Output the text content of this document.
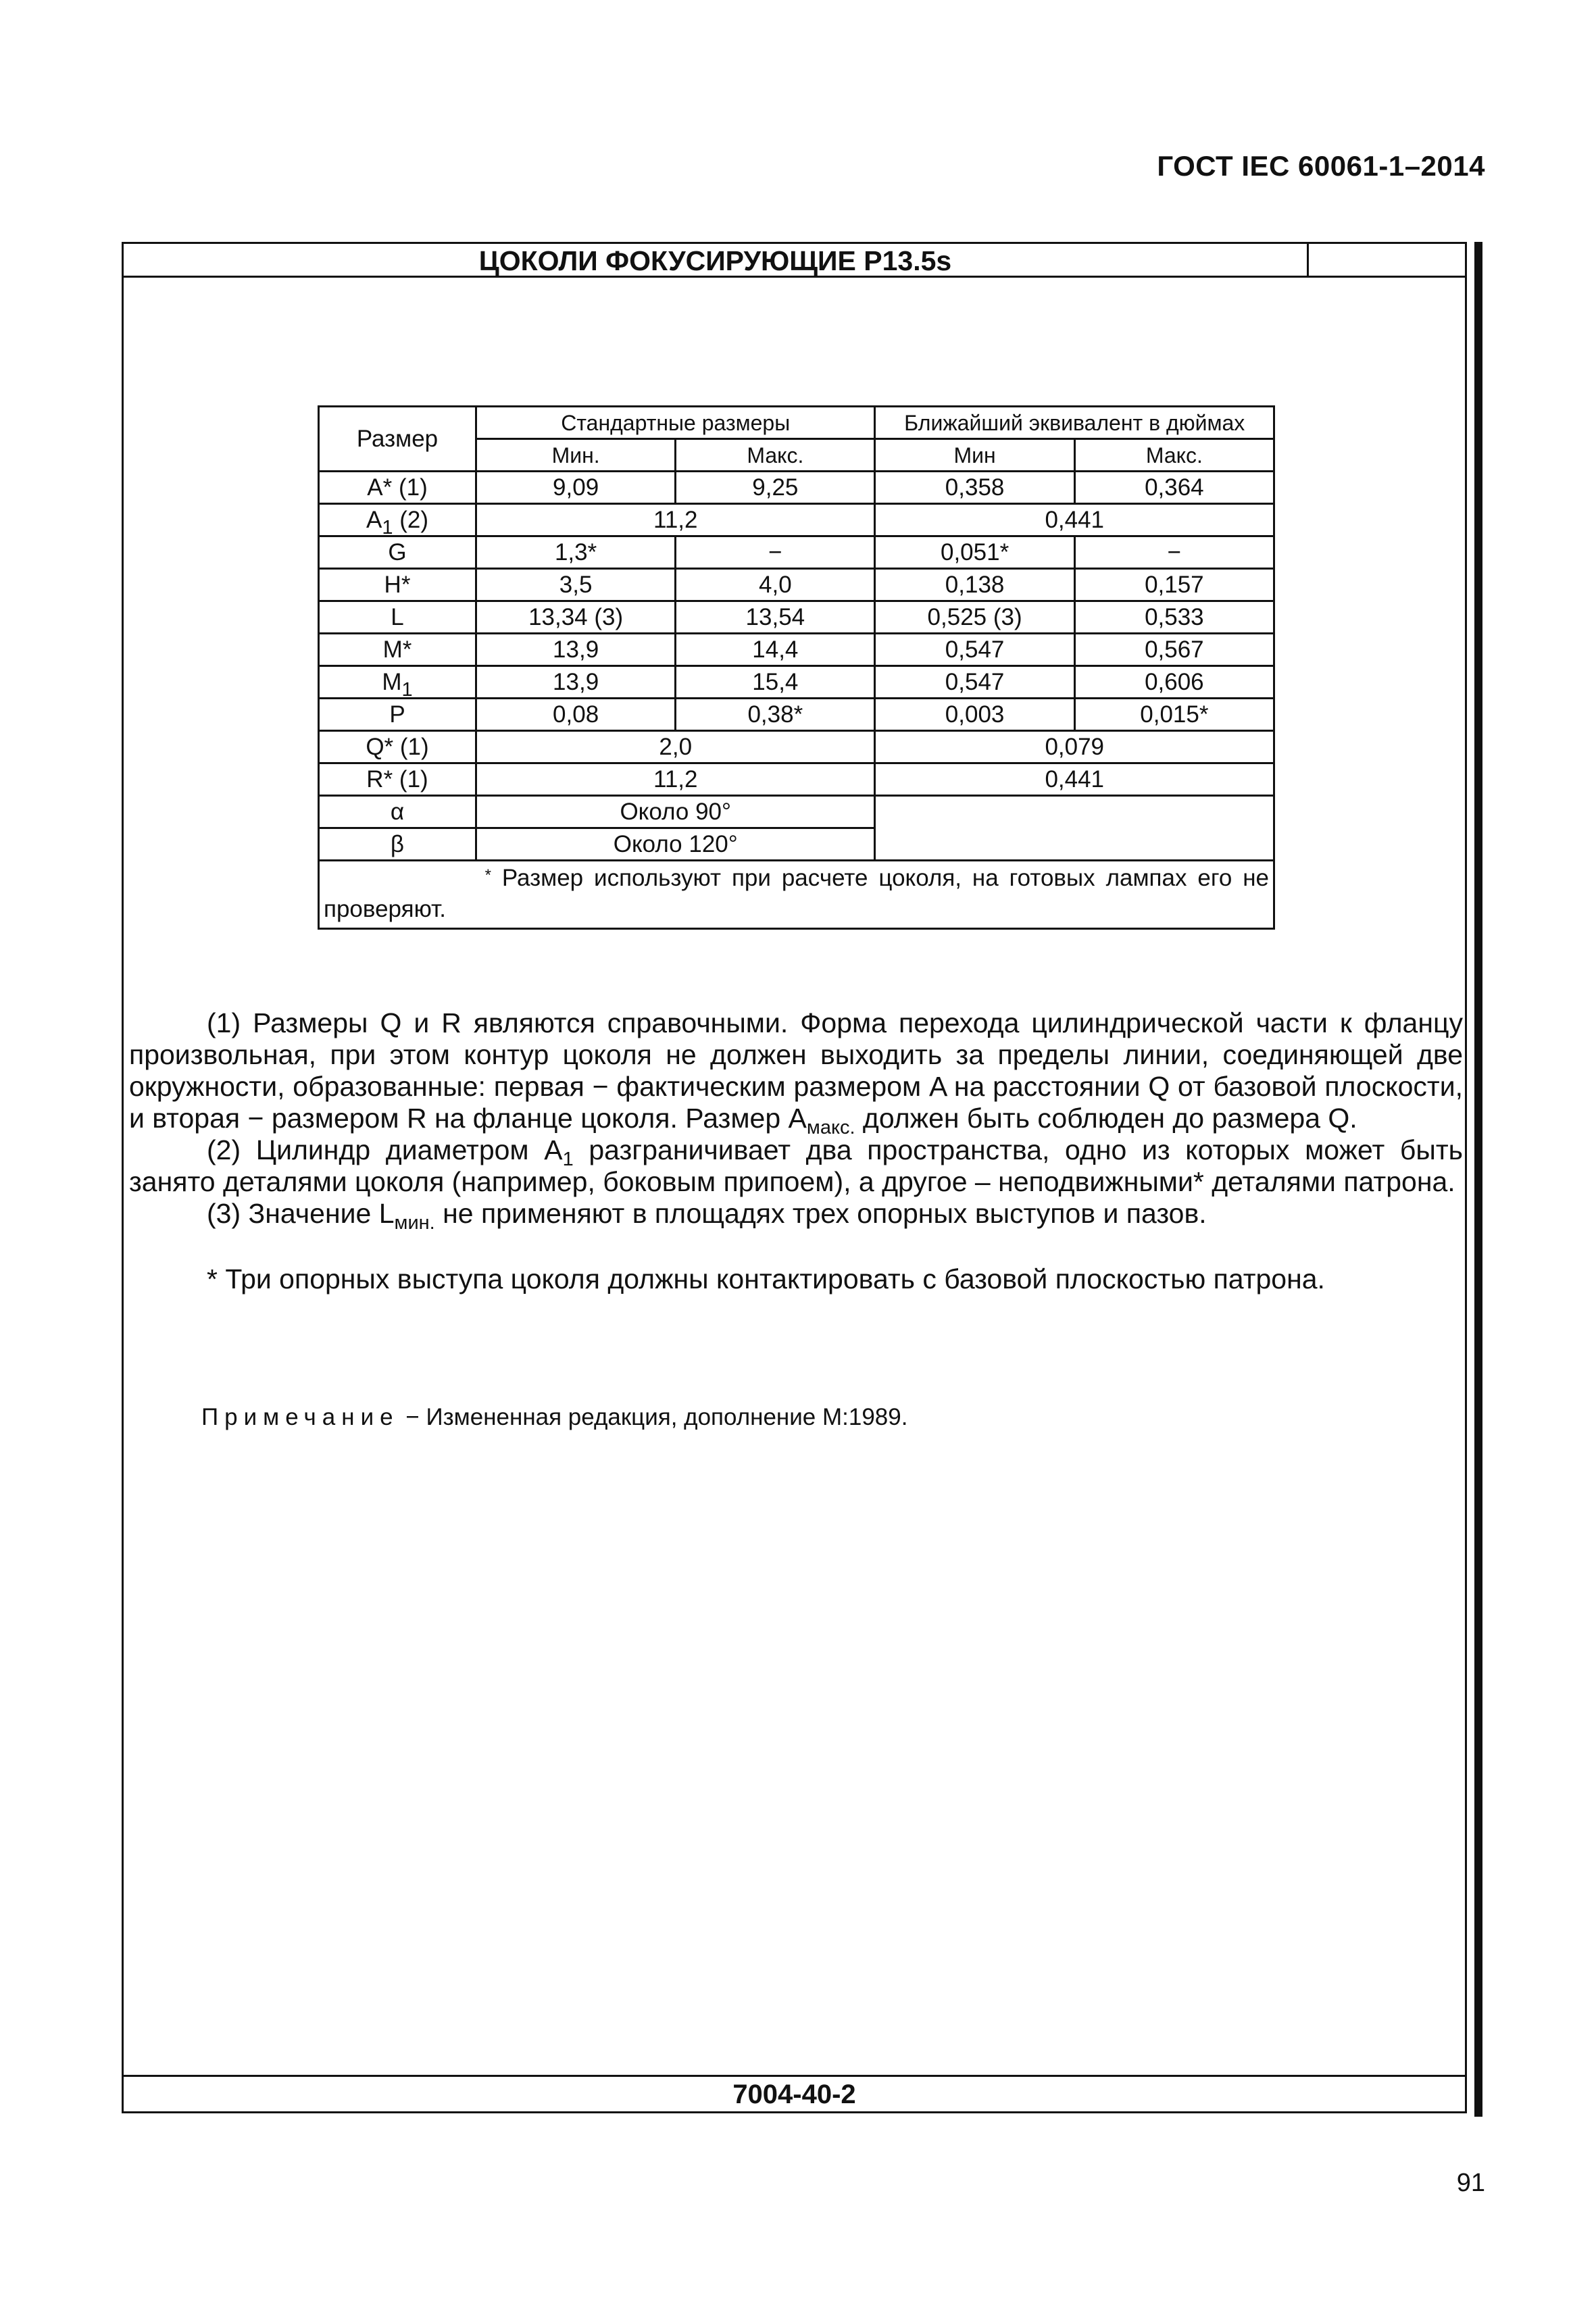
ГОСТ IEC 60061-1–2014
ЦОКОЛИ ФОКУСИРУЮЩИЕ Р13.5s
Размер	Стандартные размеры		Ближайший эквивалент в дюймах	
	Мин.	Макс.	Мин	Макс.
A* (1)	9,09	9,25	0,358	0,364
$A_1$ (2)	11,2		0,441	
G	1,3*	−	0,051*	−
H*	3,5	4,0	0,138	0,157
L	13,34 (3)	13,54	0,525 (3)	0,533
M*	13,9	14,4	0,547	0,567
$M_1$	13,9	15,4	0,547	0,606
P	0,08	0,38*	0,003	0,015*
Q* (1)	2,0		0,079	
R* (1)	11,2		0,441	
α	Около 90°			
β	Около 120°			
* Размер используют при расчете цоколя, на готовых лампах его не проверяют.				

(1) Размеры Q и R являются справочными. Форма перехода цилиндрической части к фланцу произвольная, при этом контур цоколя не должен выходить за пределы линии, соединяющей две окружности, образованные: первая − фактическим размером A на расстоянии Q от базовой плоскости, и вторая − размером R на фланце цоколя. Размер $A_{макс.}$ должен быть соблюден до размера Q.

(2) Цилиндр диаметром $A_1$ разграничивает два пространства, одно из которых может быть занято деталями цоколя (например, боковым припоем), а другое – неподвижными* деталями патрона.

(3) Значение $L_{мин.}$ не применяют в площадях трех опорных выступов и пазов.

* Три опорных выступа цоколя должны контактировать с базовой плоскостью патрона.

Примечание − Измененная редакция, дополнение М:1989.
7004-40-2
91
